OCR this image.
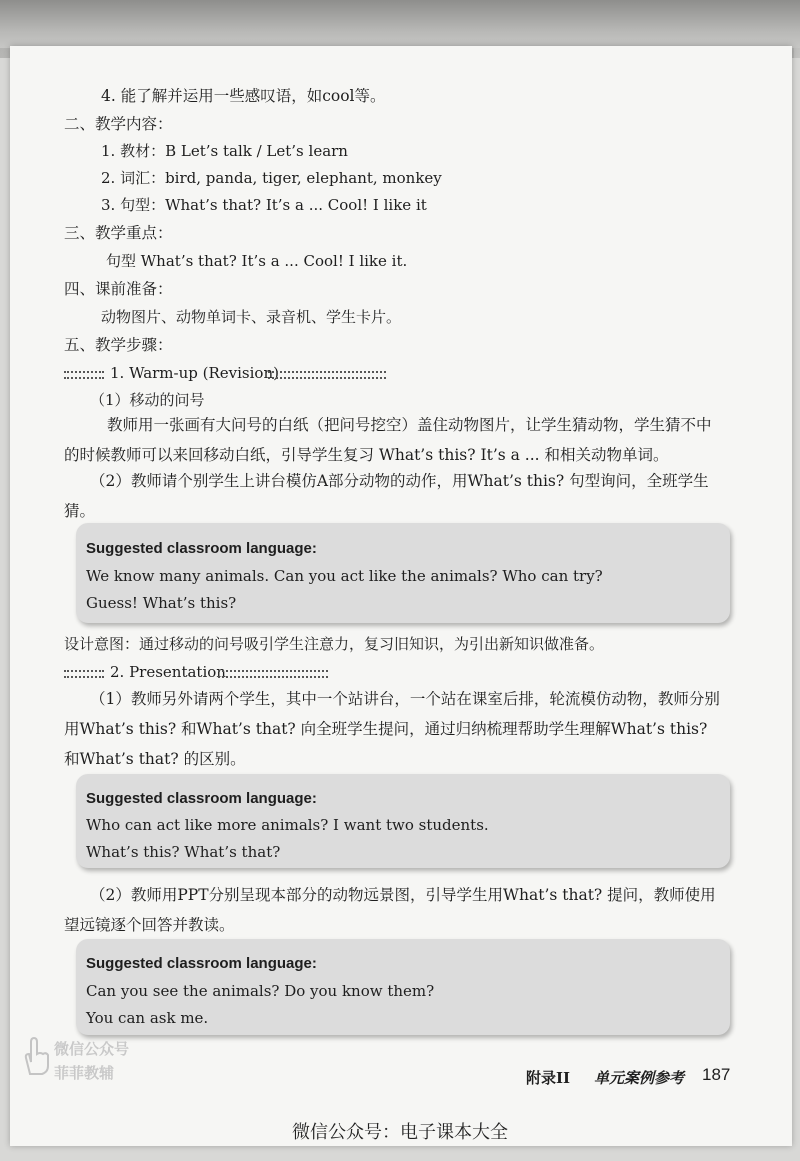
4. 能了解并运用一些感叹语，如cool等。
二、教学内容：
1. 教材：B Let’s talk / Let’s learn
2. 词汇：bird, panda, tiger, elephant, monkey
3. 句型：What’s that? It’s a ... Cool! I like it
三、教学重点：
句型 What’s that? It’s a ... Cool! I like it.
四、课前准备：
动物图片、动物单词卡、录音机、学生卡片。
五、教学步骤：
1. Warm-up (Revision)
（1）移动的问号
教师用一张画有大问号的白纸（把问号挖空）盖住动物图片，让学生猜动物，学生猜不中的时候教师可以来回移动白纸，引导学生复习 What’s this? It’s a ... 和相关动物单词。
（2）教师请个别学生上讲台模仿A部分动物的动作，用What’s this? 句型询问，全班学生猜。
Suggested classroom language:
We know many animals. Can you act like the animals? Who can try?
Guess! What’s this?
设计意图：通过移动的问号吸引学生注意力，复习旧知识，为引出新知识做准备。
2. Presentation
（1）教师另外请两个学生，其中一个站讲台，一个站在课室后排，轮流模仿动物，教师分别用What’s this? 和What’s that? 向全班学生提问，通过归纳梳理帮助学生理解What’s this? 和What’s that? 的区别。
Suggested classroom language:
Who can act like more animals? I want two students.
What’s this? What’s that?
（2）教师用PPT分别呈现本部分的动物远景图，引导学生用What’s that? 提问，教师使用望远镜逐个回答并教读。
Suggested classroom language:
Can you see the animals? Do you know them?
You can ask me.
附录II 单元案例参考 187
微信公众号
菲菲教辅
微信公众号：电子课本大全
